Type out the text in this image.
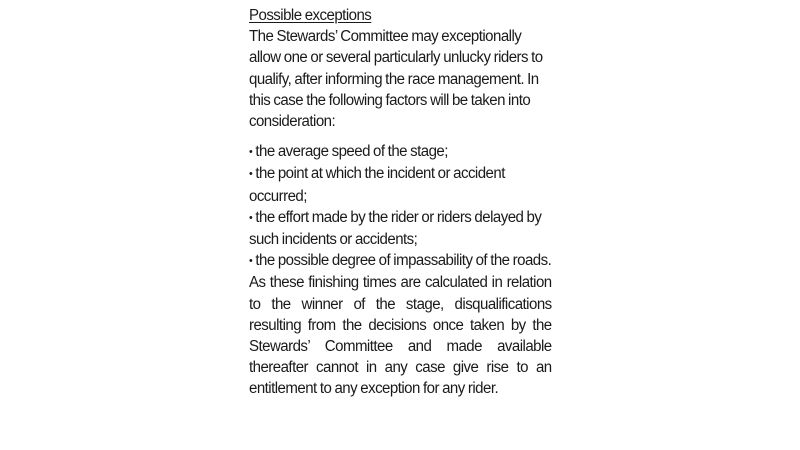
Possible exceptions

The Stewards’ Committee may exceptionally allow one or several particularly unlucky riders to qualify, after informing the race management. In this case the following factors will be taken into consideration:

• the average speed of the stage;
• the point at which the incident or accident occurred;
• the effort made by the rider or riders delayed by such incidents or accidents;
• the possible degree of impassability of the roads.

As these finishing times are calculated in relation to the winner of the stage, disqualifications resulting from the decisions once taken by the Stewards’ Committee and made available thereafter cannot in any case give rise to an entitlement to any exception for any rider.
